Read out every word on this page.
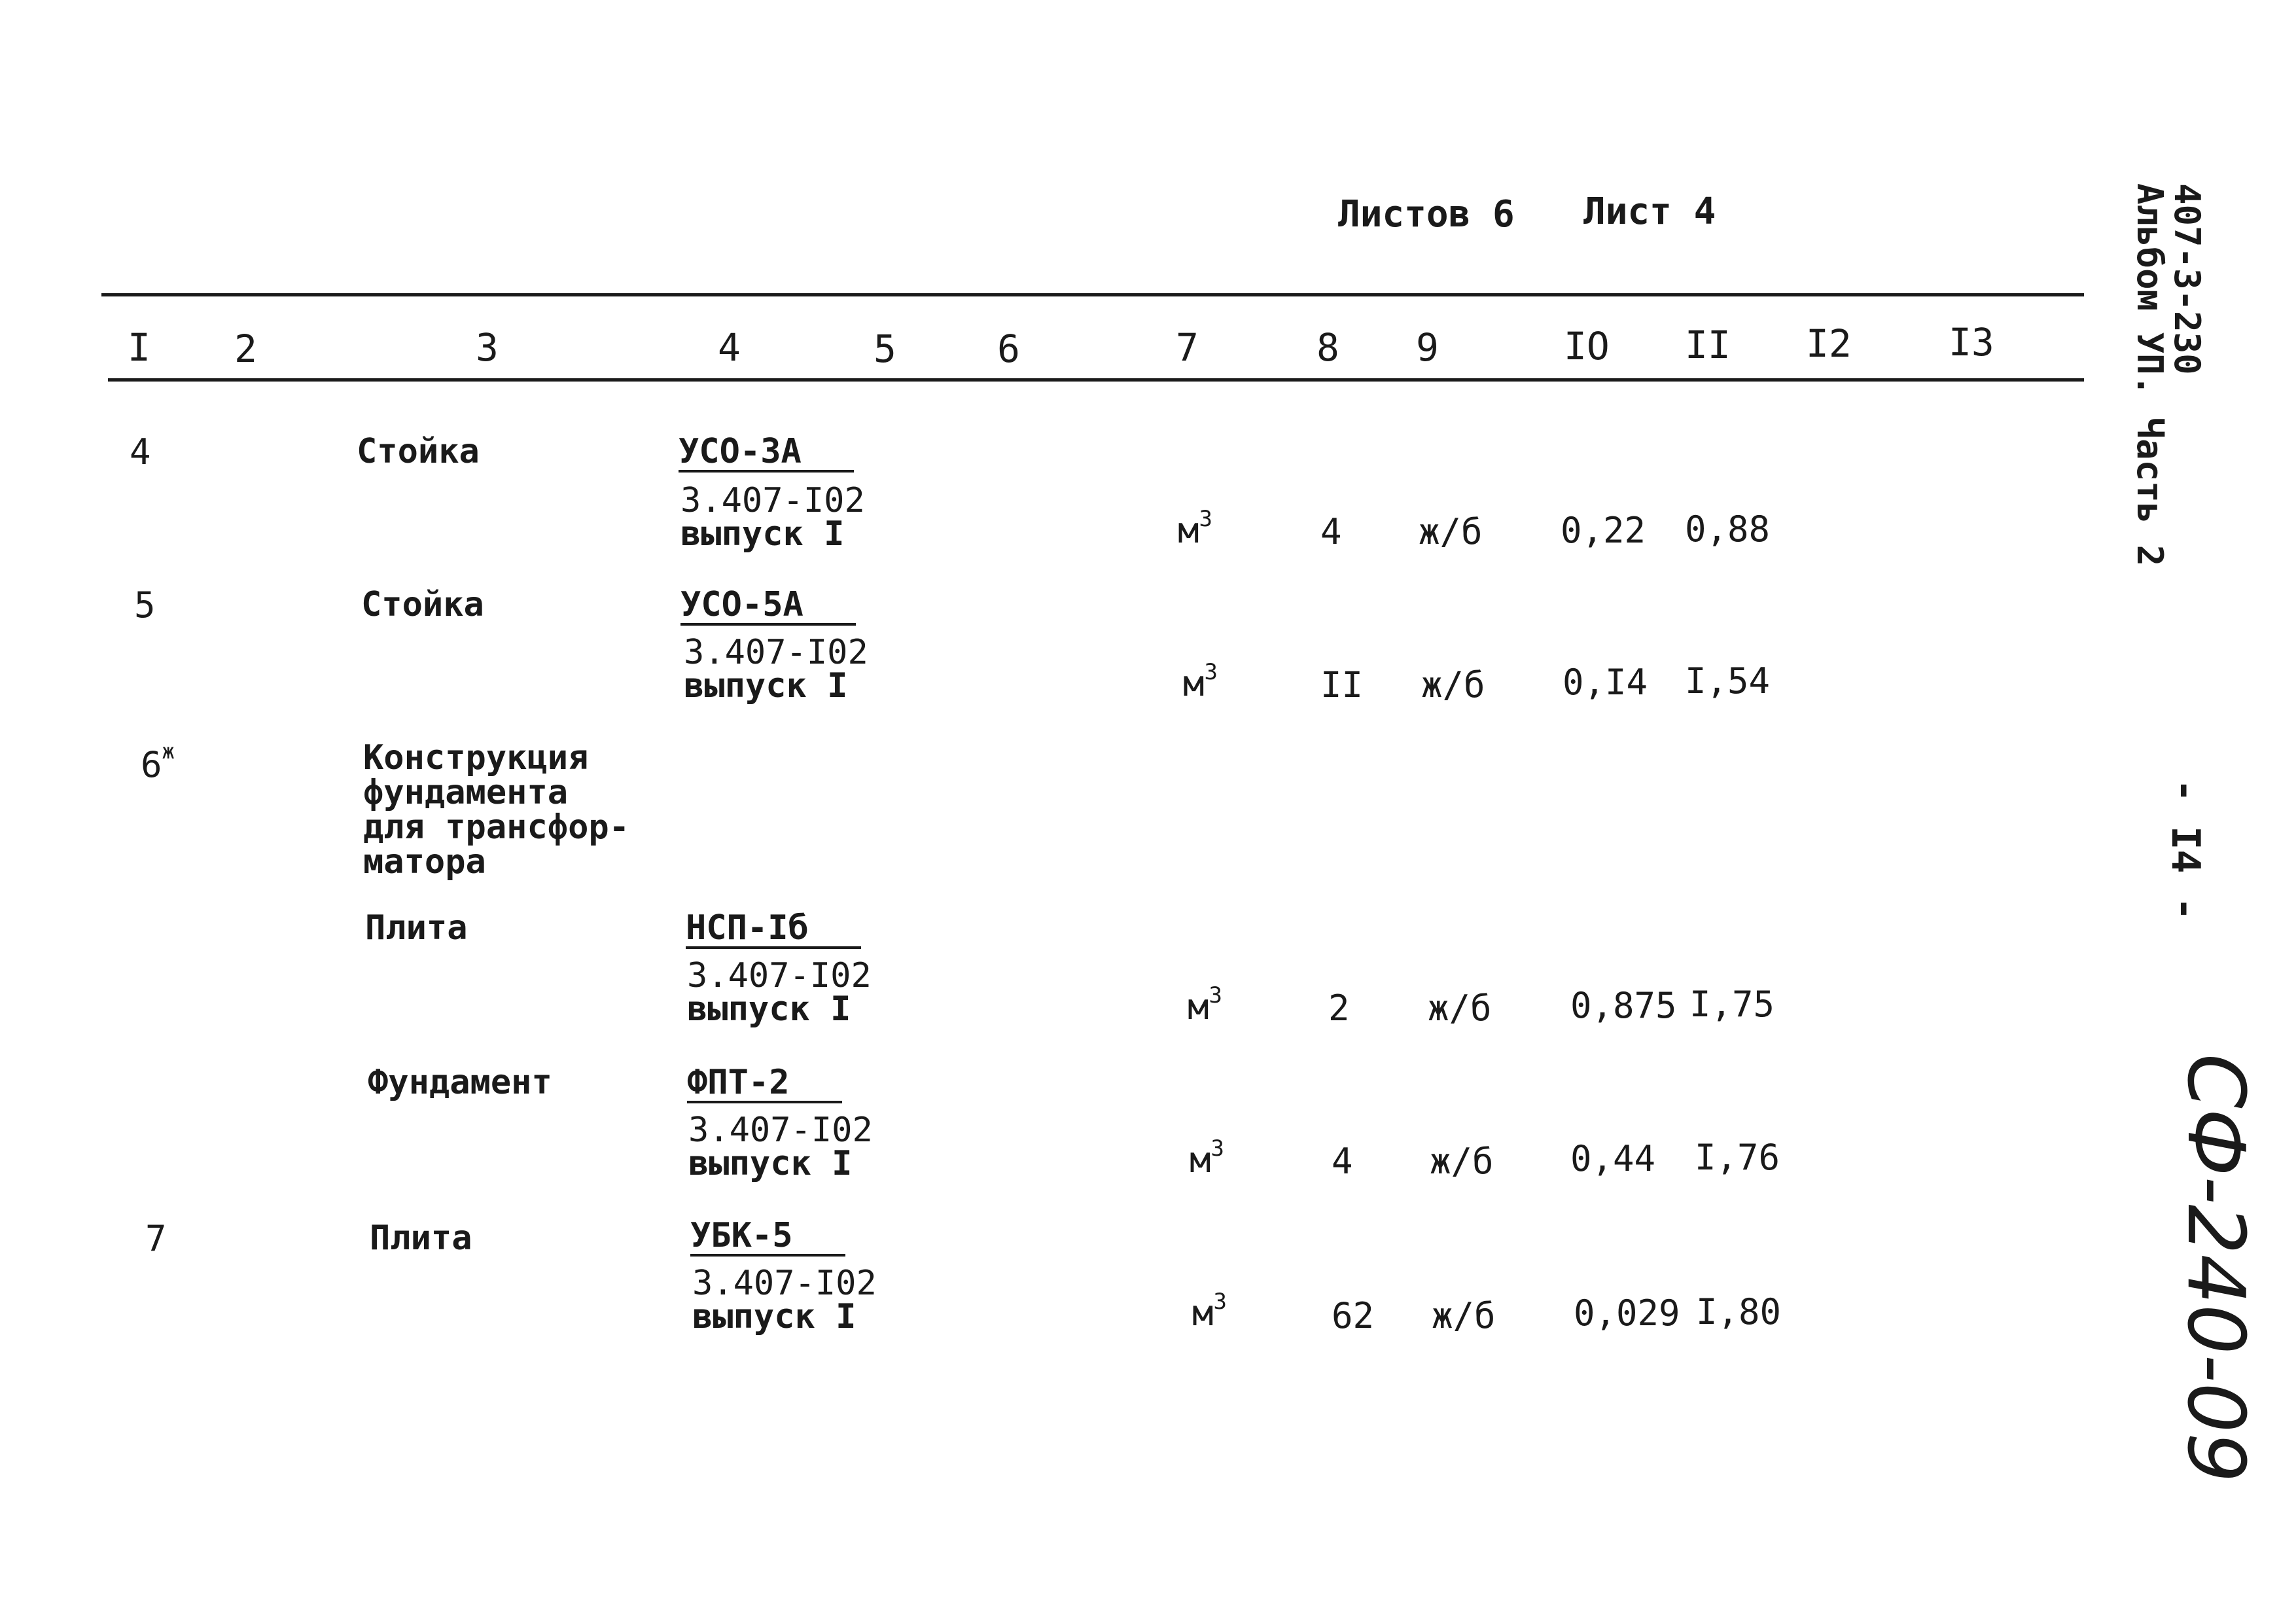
Листов 6 Лист 4
I 2	3	4	5	6	7	8 9	IO II I2	I3
4	Стойка	УСО-3А
3.407-I02
выпуск I	$м^3$	4 ж/б 0,22 0,88
5	Стойка	УСО-5А
3.407-I02
выпуск I	$м^3$	II ж/б 0,I4 I,54
$6^ж$	Конструкция
фундамента
для трансфор-
матора
Плита	НСП-Iб
3.407-I02
выпуск I	$м^3$	2 ж/б 0,875 I,75
Фундамент	ФПТ-2
3.407-I02
выпуск I	$м^3$	4 ж/б 0,44 I,76
7	Плита	УБК-5
3.407-I02
выпуск I	$м^3$	62 ж/б 0,029 I,80
407-3-230
Альбом УП. Часть 2
- I4 -
СФ-240-09
